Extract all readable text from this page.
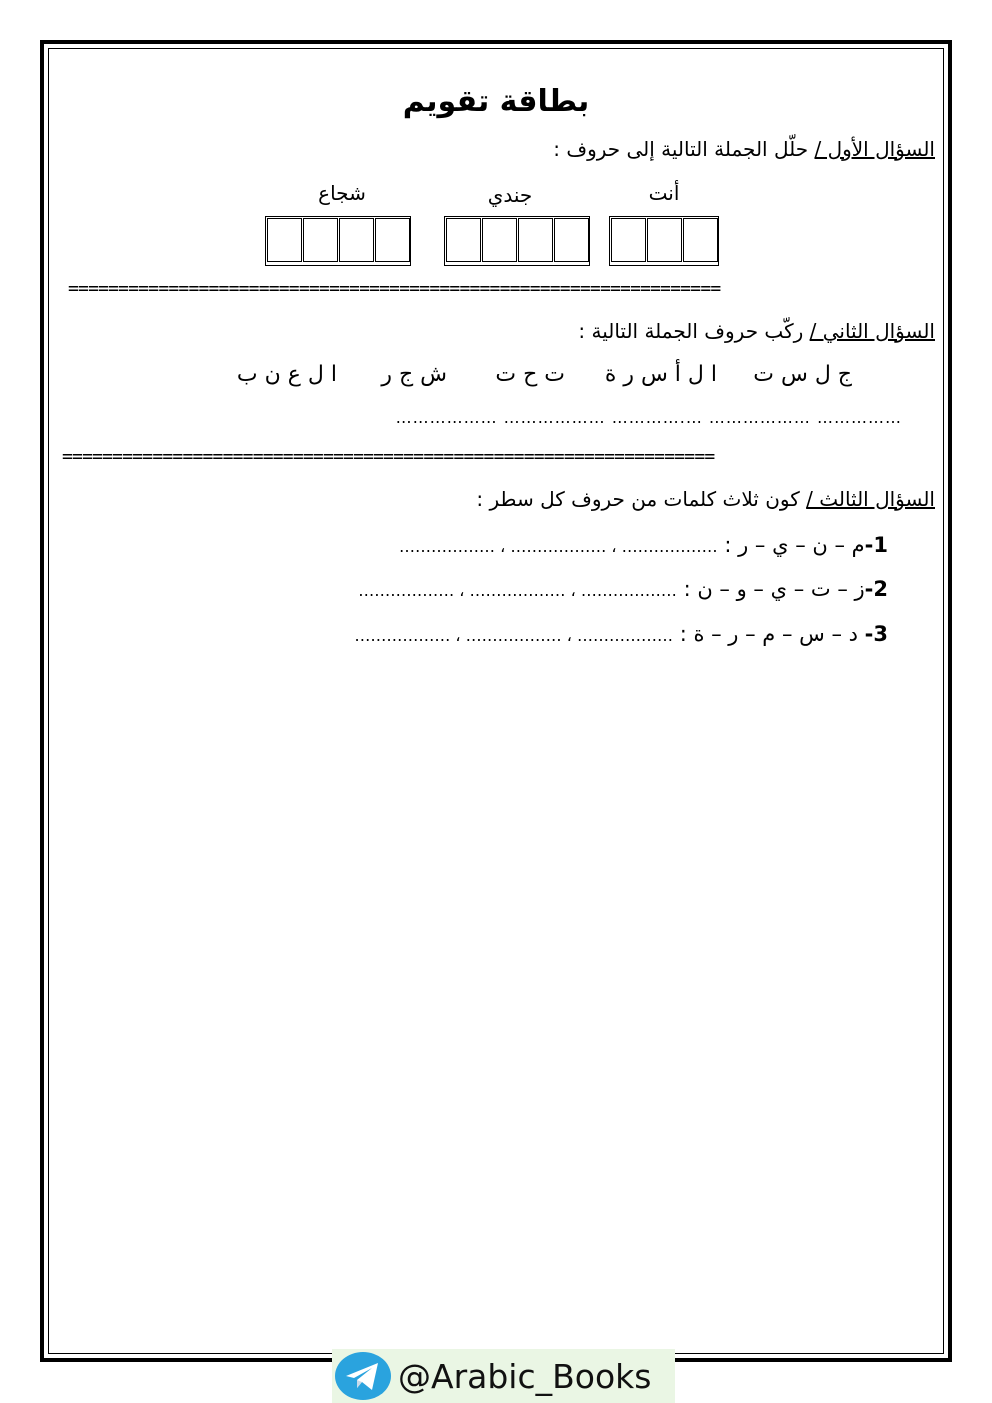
بطاقة تقويم
السؤال الأول / حلّل الجملة التالية إلى حروف :
أنت
جندي
شجاع
=================================================================
السؤال الثاني / ركّب حروف الجملة التالية :
ج ل س ت
ا ل أ س ر ة
ت ح ت
ش ج ر
ا ل ع ن ب
……………… ……………… ………….… ……………… ……………
=================================================================
السؤال الثالث / كون ثلاث كلمات من حروف كل سطر :
1-م – ن – ي – ر : ……………… ، ……………… ، ………………
2-ز – ت – ي – و – ن : ……………… ، ……………… ، ………………
3- د – س – م – ر – ة : ……………… ، ……………… ، ………………
@Arabic_Books
